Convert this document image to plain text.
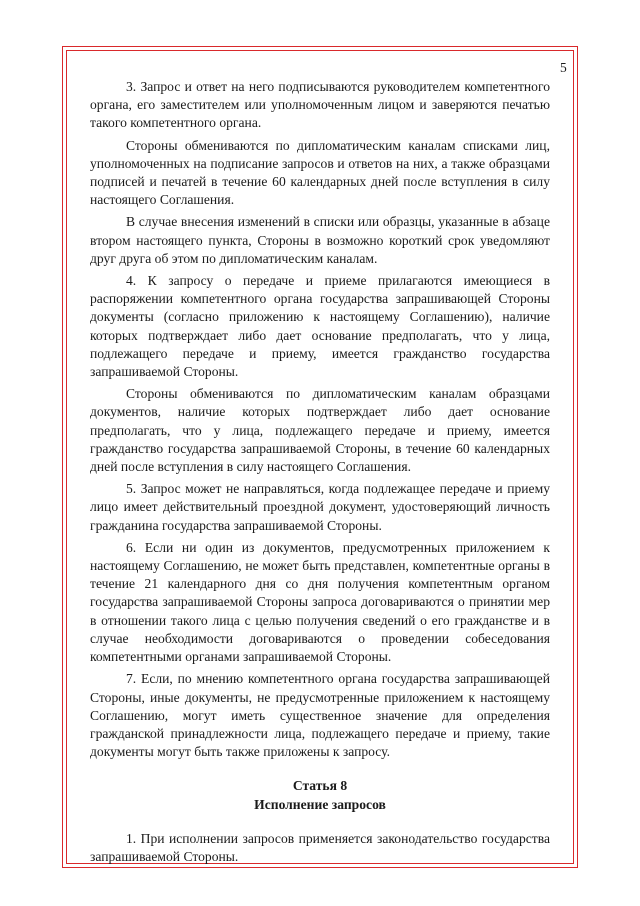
5

3. Запрос и ответ на него подписываются руководителем компетентного органа, его заместителем или уполномоченным лицом и заверяются печатью такого компетентного органа.

Стороны обмениваются по дипломатическим каналам списками лиц, уполномоченных на подписание запросов и ответов на них, а также образцами подписей и печатей в течение 60 календарных дней после вступления в силу настоящего Соглашения.

В случае внесения изменений в списки или образцы, указанные в абзаце втором настоящего пункта, Стороны в возможно короткий срок уведомляют друг друга об этом по дипломатическим каналам.

4. К запросу о передаче и приеме прилагаются имеющиеся в распоряжении компетентного органа государства запрашивающей Стороны документы (согласно приложению к настоящему Соглашению), наличие которых подтверждает либо дает основание предполагать, что у лица, подлежащего передаче и приему, имеется гражданство государства запрашиваемой Стороны.

Стороны обмениваются по дипломатическим каналам образцами документов, наличие которых подтверждает либо дает основание предполагать, что у лица, подлежащего передаче и приему, имеется гражданство государства запрашиваемой Стороны, в течение 60 календарных дней после вступления в силу настоящего Соглашения.

5. Запрос может не направляться, когда подлежащее передаче и приему лицо имеет действительный проездной документ, удостоверяющий личность гражданина государства запрашиваемой Стороны.

6. Если ни один из документов, предусмотренных приложением к настоящему Соглашению, не может быть представлен, компетентные органы в течение 21 календарного дня со дня получения компетентным органом государства запрашиваемой Стороны запроса договариваются о принятии мер в отношении такого лица с целью получения сведений о его гражданстве и в случае необходимости договариваются о проведении собеседования компетентными органами запрашиваемой Стороны.

7. Если, по мнению компетентного органа государства запрашивающей Стороны, иные документы, не предусмотренные приложением к настоящему Соглашению, могут иметь существенное значение для определения гражданской принадлежности лица, подлежащего передаче и приему, такие документы могут быть также приложены к запросу.

Статья 8
Исполнение запросов

1. При исполнении запросов применяется законодательство государства запрашиваемой Стороны.
